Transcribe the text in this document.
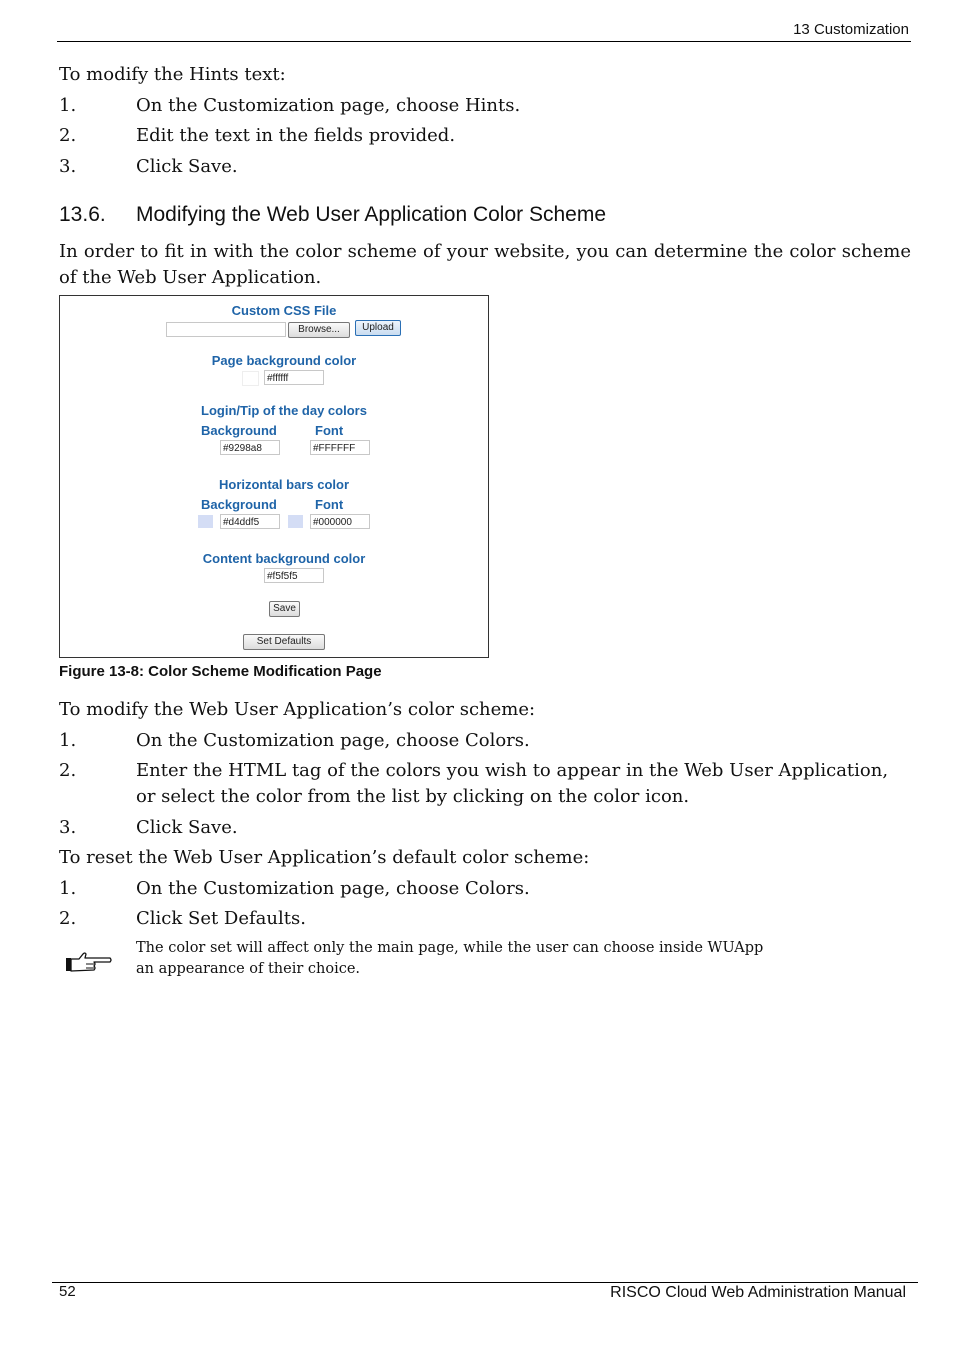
13 Customization
To modify the Hints text:
1.	On the Customization page, choose Hints.
2.	Edit the text in the fields provided.
3.	Click Save.
13.6. Modifying the Web User Application Color Scheme
In order to fit in with the color scheme of your website, you can determine the color scheme of the Web User Application.
Custom CSS File
Browse...	Upload
Page background color
#ffffff
Login/Tip of the day colors
Background	Font
#9298a8	#FFFFFF
Horizontal bars color
Background	Font
#d4ddf5	#000000
Content background color
#f5f5f5
Save
Set Defaults
Figure 13-8: Color Scheme Modification Page
To modify the Web User Application’s color scheme:
1.	On the Customization page, choose Colors.
2.	Enter the HTML tag of the colors you wish to appear in the Web User Application, or select the color from the list by clicking on the color icon.
3.	Click Save.
To reset the Web User Application’s default color scheme:
1.	On the Customization page, choose Colors.
2.	Click Set Defaults.
The color set will affect only the main page, while the user can choose inside WUApp
an appearance of their choice.
52	RISCO Cloud Web Administration Manual
